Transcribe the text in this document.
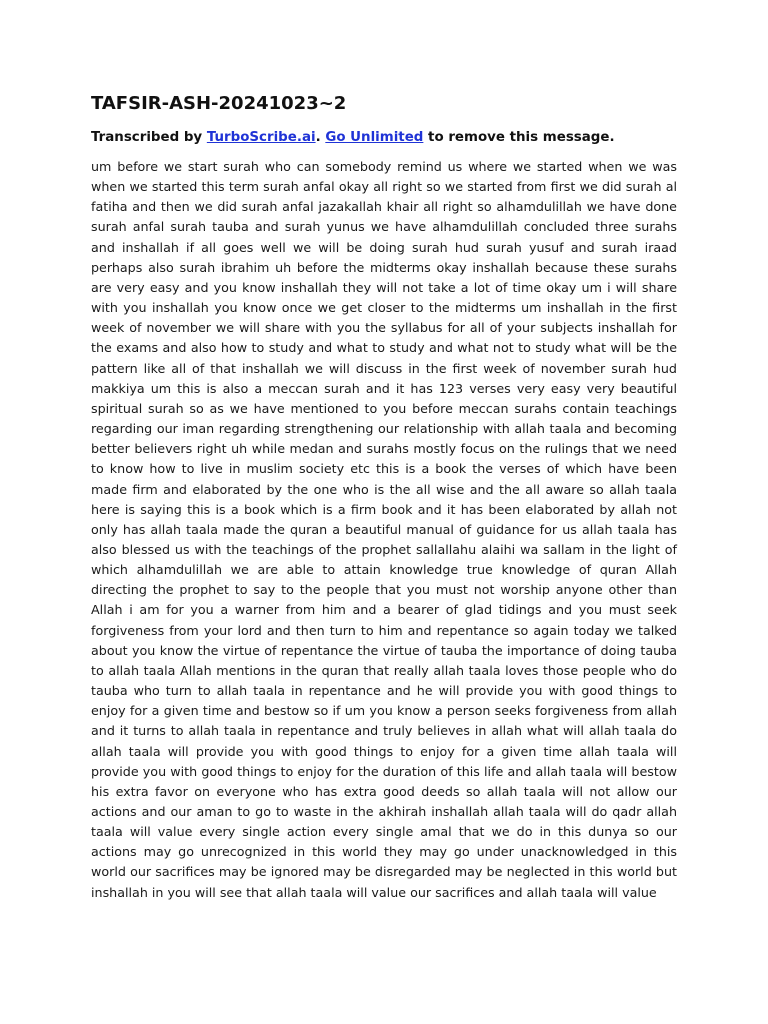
TAFSIR-ASH-20241023~2

Transcribed by TurboScribe.ai. Go Unlimited to remove this message.

um before we start surah who can somebody remind us where we started when we was when we started this term surah anfal okay all right so we started from first we did surah al fatiha and then we did surah anfal jazakallah khair all right so alhamdulillah we have done surah anfal surah tauba and surah yunus we have alhamdulillah concluded three surahs and inshallah if all goes well we will be doing surah hud surah yusuf and surah iraad perhaps also surah ibrahim uh before the midterms okay inshallah because these surahs are very easy and you know inshallah they will not take a lot of time okay um i will share with you inshallah you know once we get closer to the midterms um inshallah in the first week of november we will share with you the syllabus for all of your subjects inshallah for the exams and also how to study and what to study and what not to study what will be the pattern like all of that inshallah we will discuss in the first week of november surah hud makkiya um this is also a meccan surah and it has 123 verses very easy very beautiful spiritual surah so as we have mentioned to you before meccan surahs contain teachings regarding our iman regarding strengthening our relationship with allah taala and becoming better believers right uh while medan and surahs mostly focus on the rulings that we need to know how to live in muslim society etc this is a book the verses of which have been made firm and elaborated by the one who is the all wise and the all aware so allah taala here is saying this is a book which is a firm book and it has been elaborated by allah not only has allah taala made the quran a beautiful manual of guidance for us allah taala has also blessed us with the teachings of the prophet sallallahu alaihi wa sallam in the light of which alhamdulillah we are able to attain knowledge true knowledge of quran Allah directing the prophet to say to the people that you must not worship anyone other than Allah i am for you a warner from him and a bearer of glad tidings and you must seek forgiveness from your lord and then turn to him and repentance so again today we talked about you know the virtue of repentance the virtue of tauba the importance of doing tauba to allah taala Allah mentions in the quran that really allah taala loves those people who do tauba who turn to allah taala in repentance and he will provide you with good things to enjoy for a given time and bestow so if um you know a person seeks forgiveness from allah and it turns to allah taala in repentance and truly believes in allah what will allah taala do allah taala will provide you with good things to enjoy for a given time allah taala will provide you with good things to enjoy for the duration of this life and allah taala will bestow his extra favor on everyone who has extra good deeds so allah taala will not allow our actions and our aman to go to waste in the akhirah inshallah allah taala will do qadr allah taala will value every single action every single amal that we do in this dunya so our actions may go unrecognized in this world they may go under unacknowledged in this world our sacrifices may be ignored may be disregarded may be neglected in this world but inshallah in you will see that allah taala will value our sacrifices and allah taala will value
